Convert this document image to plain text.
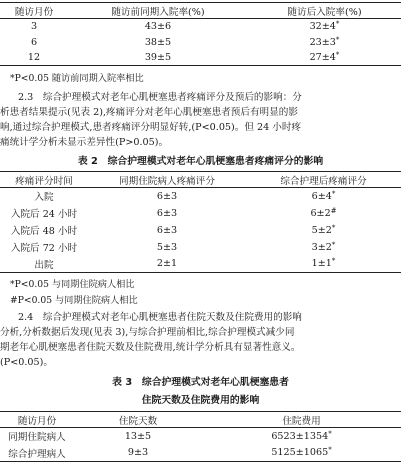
随访月份	随访前同期入院率(%)	随访后入院率(%)
3	43±6	32±4*
6	38±5	23±3*
12	39±5	27±4*
*P<0.05 随访前同期入院率相比
2.3　综合护理模式对老年心肌梗塞患者疼痛评分及预后的影响：分
析患者结果提示(见表 2),疼痛评分对老年心肌梗塞患者预后有明显的影
响,通过综合护理模式,患者疼痛评分明显好转,(P<0.05)。但 24 小时疼
痛统计学分析未显示差异性(P>0.05)。
表 2　综合护理模式对老年心肌梗塞患者疼痛评分的影响
疼痛评分时间	同期住院病人疼痛评分	综合护理后疼痛评分
入院	6±3	6±4*
入院后 24 小时	6±3	6±2#
入院后 48 小时	6±3	5±2*
入院后 72 小时	5±3	3±2*
出院	2±1	1±1*
*P<0.05 与同期住院病人相比
#P<0.05 与同期住院病人相比
2.4　综合护理模式对老年心肌梗塞患者住院天数及住院费用的影响
分析,分析数据后发现(见表 3),与综合护理前相比,综合护理模式减少同
期老年心肌梗塞患者住院天数及住院费用,统计学分析具有显著性意义。
(P<0.05)。
表 3　综合护理模式对老年心肌梗塞患者
住院天数及住院费用的影响
随访月份	住院天数	住院费用
同期住院病人	13±5	6523±1354*
综合护理病人	9±3	5125±1065*
